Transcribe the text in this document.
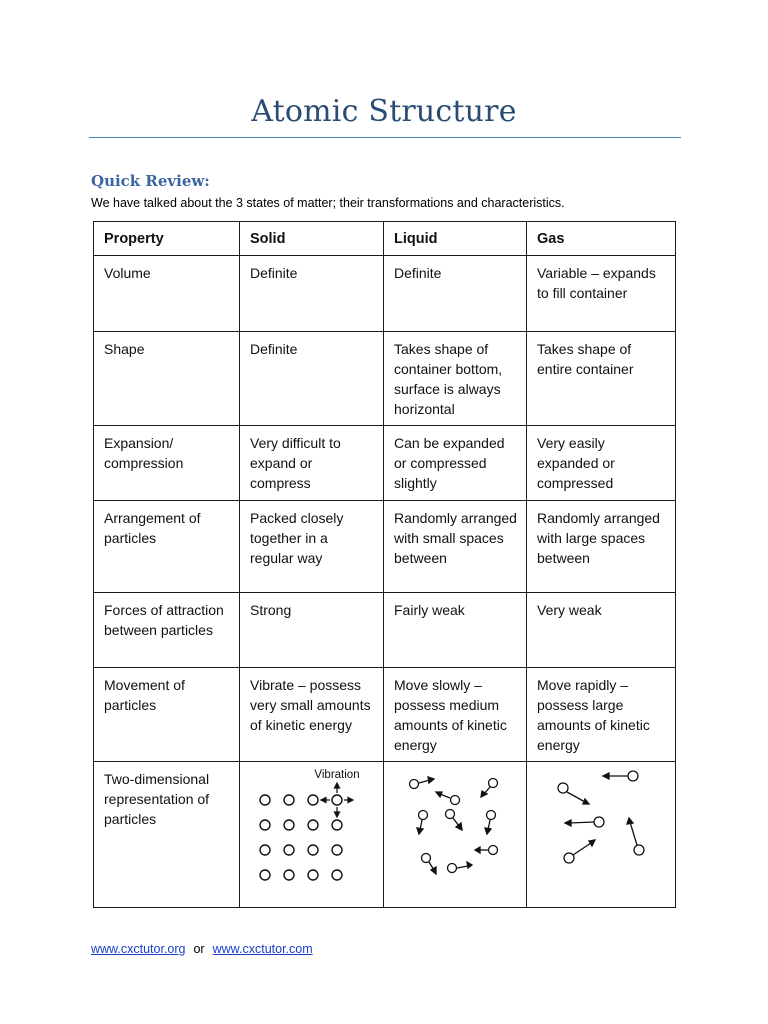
Atomic Structure
Quick Review:
We have talked about the 3 states of matter; their transformations and characteristics.
Property	Solid	Liquid	Gas
Volume	Definite	Definite	Variable – expands to fill container
Shape	Definite	Takes shape of container bottom, surface is always horizontal	Takes shape of entire container
Expansion/ compression	Very difficult to expand or compress	Can be expanded or compressed slightly	Very easily expanded or compressed
Arrangement of particles	Packed closely together in a regular way	Randomly arranged with small spaces between	Randomly arranged with large spaces between
Forces of attraction between particles	Strong	Fairly weak	Very weak
Movement of particles	Vibrate – possess very small amounts of kinetic energy	Move slowly – possess medium amounts of kinetic energy	Move rapidly – possess large amounts of kinetic energy
Two-dimensional representation of particles	Vibration

www.cxctutor.org or www.cxctutor.com
